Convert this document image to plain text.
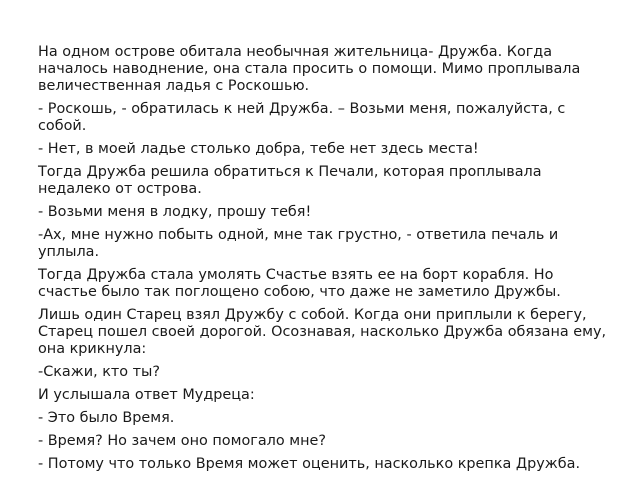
На одном острове обитала необычная жительница- Дружба. Когда началось наводнение, она стала просить о помощи. Мимо проплывала величественная ладья с Роскошью.

- Роскошь, - обратилась к ней Дружба. – Возьми меня, пожалуйста, с собой.

- Нет, в моей ладье столько добра, тебе нет здесь места!

Тогда Дружба решила обратиться к Печали, которая проплывала недалеко от острова.

- Возьми меня в лодку, прошу тебя!

-Ах, мне нужно побыть одной, мне так грустно, - ответила печаль и уплыла.

Тогда Дружба стала умолять Счастье взять ее на борт корабля. Но счастье было так поглощено собою, что даже не заметило Дружбы.

Лишь один Старец взял Дружбу с собой. Когда они приплыли к берегу, Старец пошел своей дорогой. Осознавая, насколько Дружба обязана ему, она крикнула:

-Скажи, кто ты?

И услышала ответ Мудреца:

- Это было Время.

- Время? Но зачем оно помогало мне?

- Потому что только Время может оценить, насколько крепка Дружба.
